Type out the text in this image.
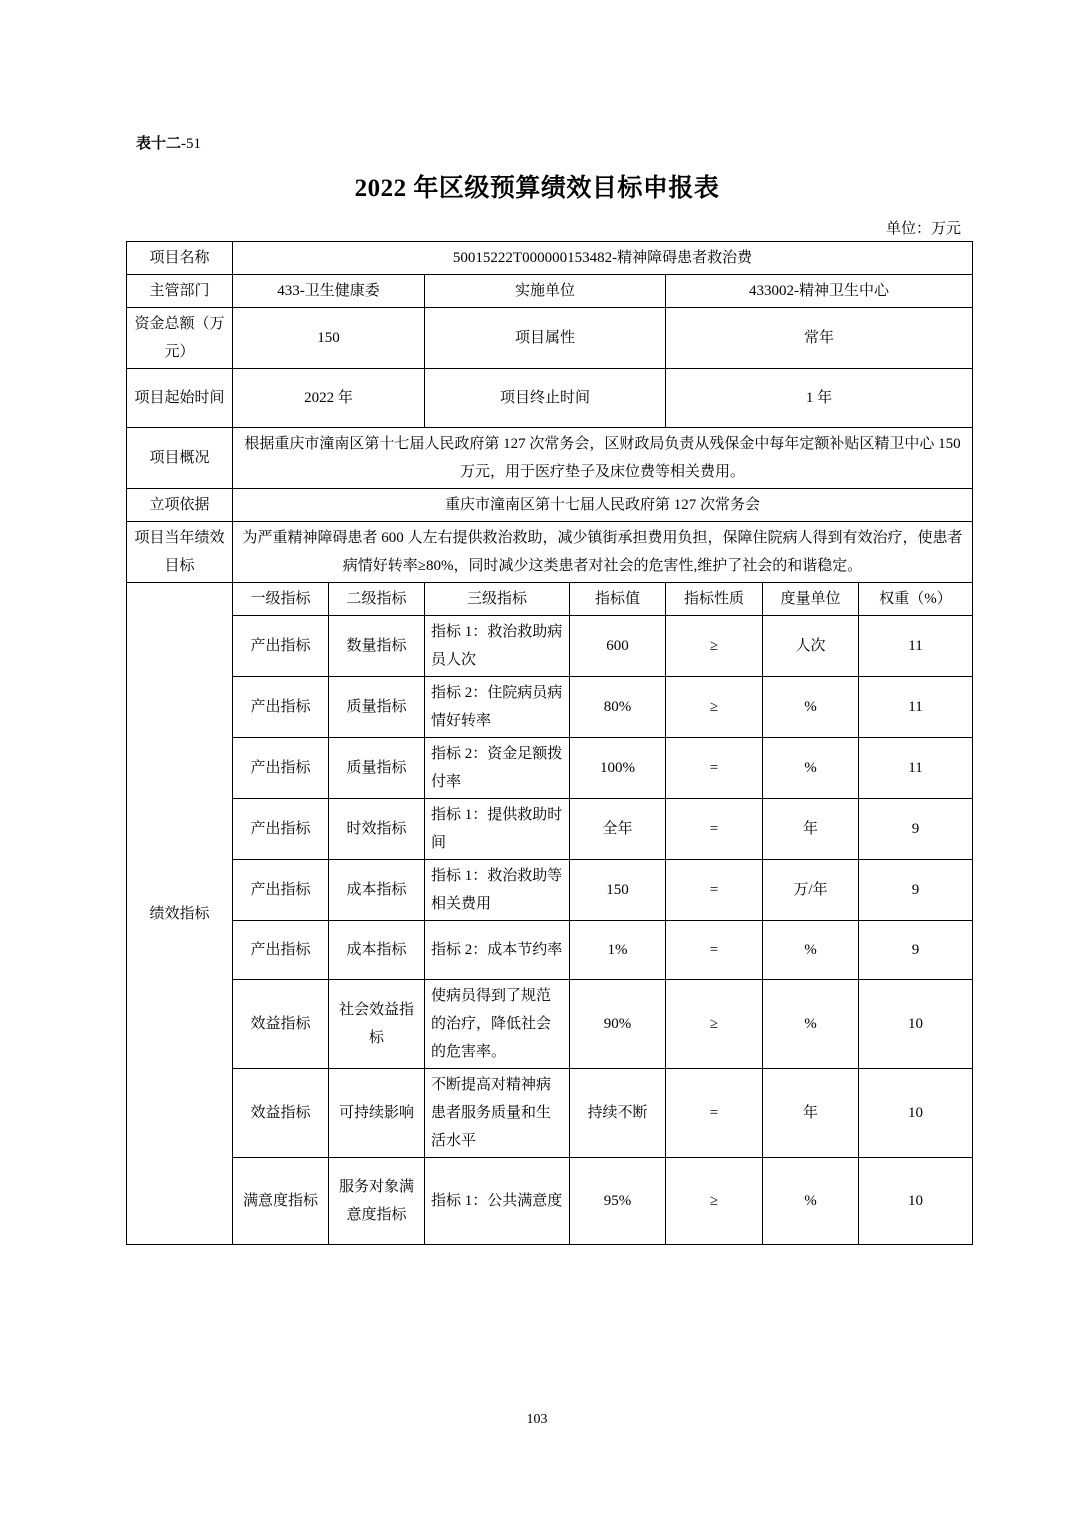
表十二-51
2022 年区级预算绩效目标申报表
单位：万元
项目名称	50015222T000000153482-精神障碍患者救治费						
主管部门	433-卫生健康委		实施单位		433002-精神卫生中心		
资金总额（万元）	150		项目属性		常年		
项目起始时间	2022 年		项目终止时间		1 年		
项目概况	根据重庆市潼南区第十七届人民政府第 127 次常务会，区财政局负责从残保金中每年定额补贴区精卫中心 150 万元，用于医疗垫子及床位费等相关费用。						
立项依据	重庆市潼南区第十七届人民政府第 127 次常务会						
项目当年绩效目标	为严重精神障碍患者 600 人左右提供救治救助，减少镇街承担费用负担，保障住院病人得到有效治疗，使患者病情好转率≥80%，同时减少这类患者对社会的危害性,维护了社会的和谐稳定。						
绩效指标	一级指标	二级指标	三级指标	指标值	指标性质	度量单位	权重（%）
	产出指标	数量指标	指标 1：救治救助病员人次	600	≥	人次	11
	产出指标	质量指标	指标 2：住院病员病情好转率	80%	≥	%	11
	产出指标	质量指标	指标 2：资金足额拨付率	100%	=	%	11
	产出指标	时效指标	指标 1：提供救助时间	全年	=	年	9
	产出指标	成本指标	指标 1：救治救助等相关费用	150	=	万/年	9
	产出指标	成本指标	指标 2：成本节约率	1%	=	%	9
	效益指标	社会效益指标	使病员得到了规范的治疗，降低社会的危害率。	90%	≥	%	10
	效益指标	可持续影响	不断提高对精神病患者服务质量和生活水平	持续不断	=	年	10
	满意度指标	服务对象满意度指标	指标 1：公共满意度	95%	≥	%	10
103
